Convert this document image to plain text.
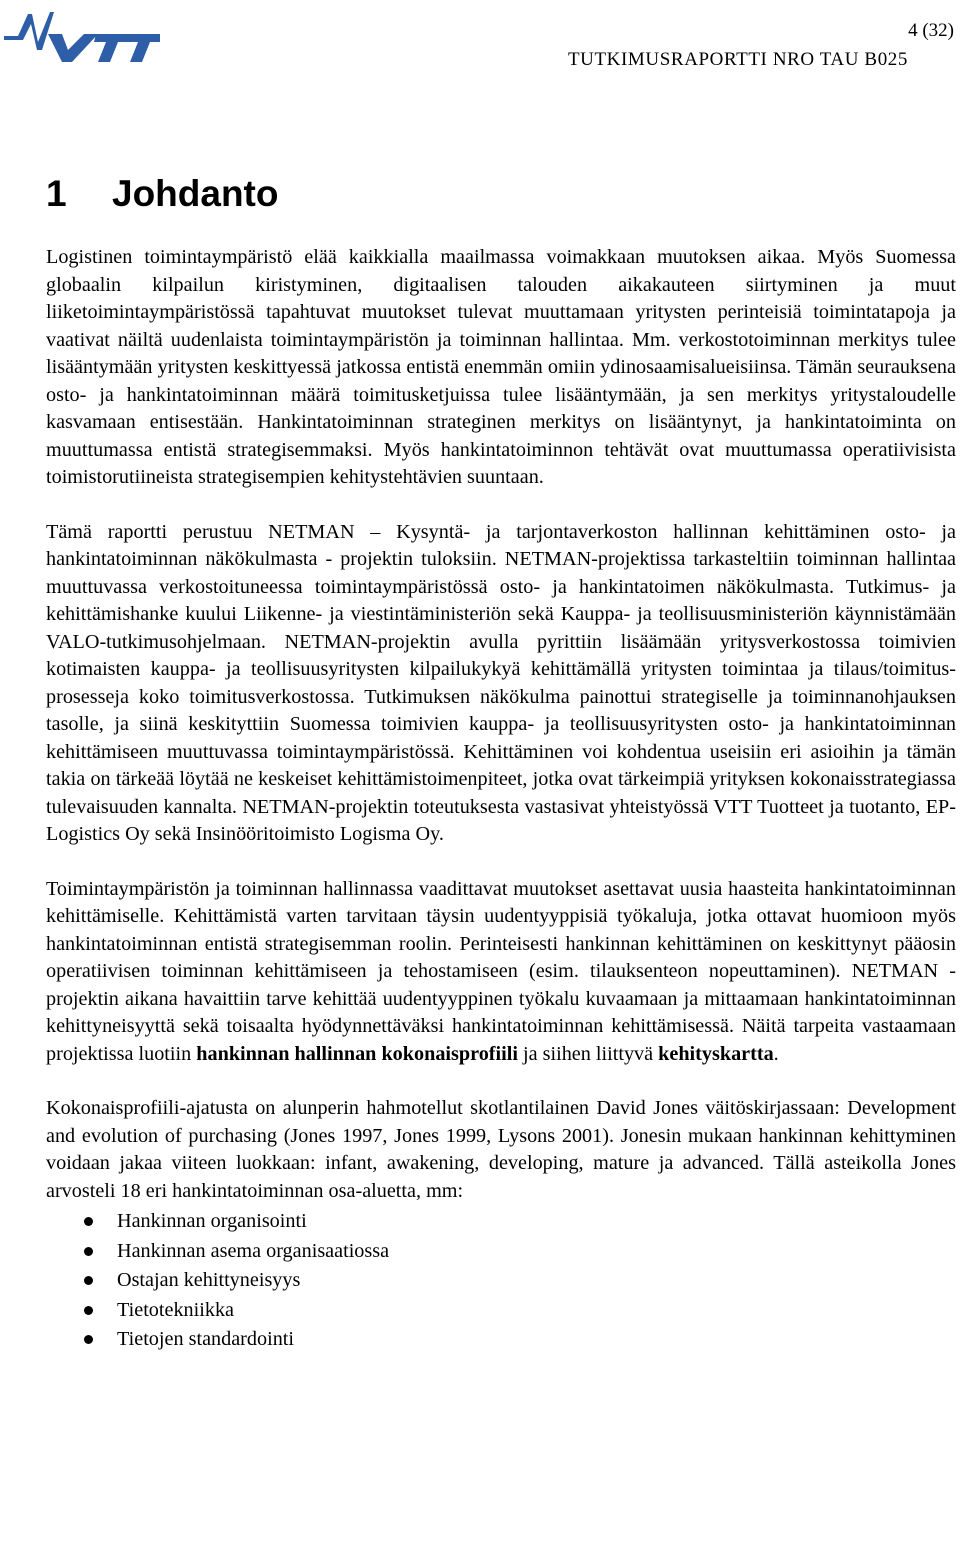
4 (32)
TUTKIMUSRAPORTTI NRO TAU B025
1 Johdanto

Logistinen toimintaympäristö elää kaikkialla maailmassa voimakkaan muutoksen aikaa. Myös Suomessa globaalin kilpailun kiristyminen, digitaalisen talouden aikakauteen siirtyminen ja muut liiketoimintaympäristössä tapahtuvat muutokset tulevat muuttamaan yritysten perinteisiä toimintatapoja ja vaativat näiltä uudenlaista toimintaympäristön ja toiminnan hallintaa. Mm. verkostotoiminnan merkitys tulee lisääntymään yritysten keskittyessä jatkossa entistä enemmän omiin ydinosaamisalueisiinsa. Tämän seurauksena osto- ja hankintatoiminnan määrä toimitusketjuissa tulee lisääntymään, ja sen merkitys yritystaloudelle kasvamaan entisestään. Hankintatoiminnan strateginen merkitys on lisääntynyt, ja hankintatoiminta on muuttumassa entistä strategisemmaksi. Myös hankintatoiminnon tehtävät ovat muuttumassa operatiivisista toimistorutiineista strategisempien kehitystehtävien suuntaan.

Tämä raportti perustuu NETMAN – Kysyntä- ja tarjontaverkoston hallinnan kehittäminen osto- ja hankintatoiminnan näkökulmasta - projektin tuloksiin. NETMAN-projektissa tarkasteltiin toiminnan hallintaa muuttuvassa verkostoituneessa toimintaympäristössä osto- ja hankintatoimen näkökulmasta. Tutkimus- ja kehittämishanke kuului Liikenne- ja viestintäministeriön sekä Kauppa- ja teollisuusministeriön käynnistämään VALO-tutkimusohjelmaan. NETMAN-projektin avulla pyrittiin lisäämään yritysverkostossa toimivien kotimaisten kauppa- ja teollisuusyritysten kilpailukykyä kehittämällä yritysten toimintaa ja tilaus/toimitus-prosesseja koko toimitusverkostossa. Tutkimuksen näkökulma painottui strategiselle ja toiminnanohjauksen tasolle, ja siinä keskityttiin Suomessa toimivien kauppa- ja teollisuusyritysten osto- ja hankintatoiminnan kehittämiseen muuttuvassa toimintaympäristössä. Kehittäminen voi kohdentua useisiin eri asioihin ja tämän takia on tärkeää löytää ne keskeiset kehittämistoimenpiteet, jotka ovat tärkeimpiä yrityksen kokonaisstrategiassa tulevaisuuden kannalta. NETMAN-projektin toteutuksesta vastasivat yhteistyössä VTT Tuotteet ja tuotanto, EP-Logistics Oy sekä Insinööritoimisto Logisma Oy.

Toimintaympäristön ja toiminnan hallinnassa vaadittavat muutokset asettavat uusia haasteita hankintatoiminnan kehittämiselle. Kehittämistä varten tarvitaan täysin uudentyyppisiä työkaluja, jotka ottavat huomioon myös hankintatoiminnan entistä strategisemman roolin. Perinteisesti hankinnan kehittäminen on keskittynyt pääosin operatiivisen toiminnan kehittämiseen ja tehostamiseen (esim. tilauksenteon nopeuttaminen). NETMAN -projektin aikana havaittiin tarve kehittää uudentyyppinen työkalu kuvaamaan ja mittaamaan hankintatoiminnan kehittyneisyyttä sekä toisaalta hyödynnettäväksi hankintatoiminnan kehittämisessä. Näitä tarpeita vastaamaan projektissa luotiin hankinnan hallinnan kokonaisprofiili ja siihen liittyvä kehityskartta.

Kokonaisprofiili-ajatusta on alunperin hahmotellut skotlantilainen David Jones väitöskirjassaan: Development and evolution of purchasing (Jones 1997, Jones 1999, Lysons 2001). Jonesin mukaan hankinnan kehittyminen voidaan jakaa viiteen luokkaan: infant, awakening, developing, mature ja advanced. Tällä asteikolla Jones arvosteli 18 eri hankintatoiminnan osa-aluetta, mm:

Hankinnan organisointi
Hankinnan asema organisaatiossa
Ostajan kehittyneisyys
Tietotekniikka
Tietojen standardointi
